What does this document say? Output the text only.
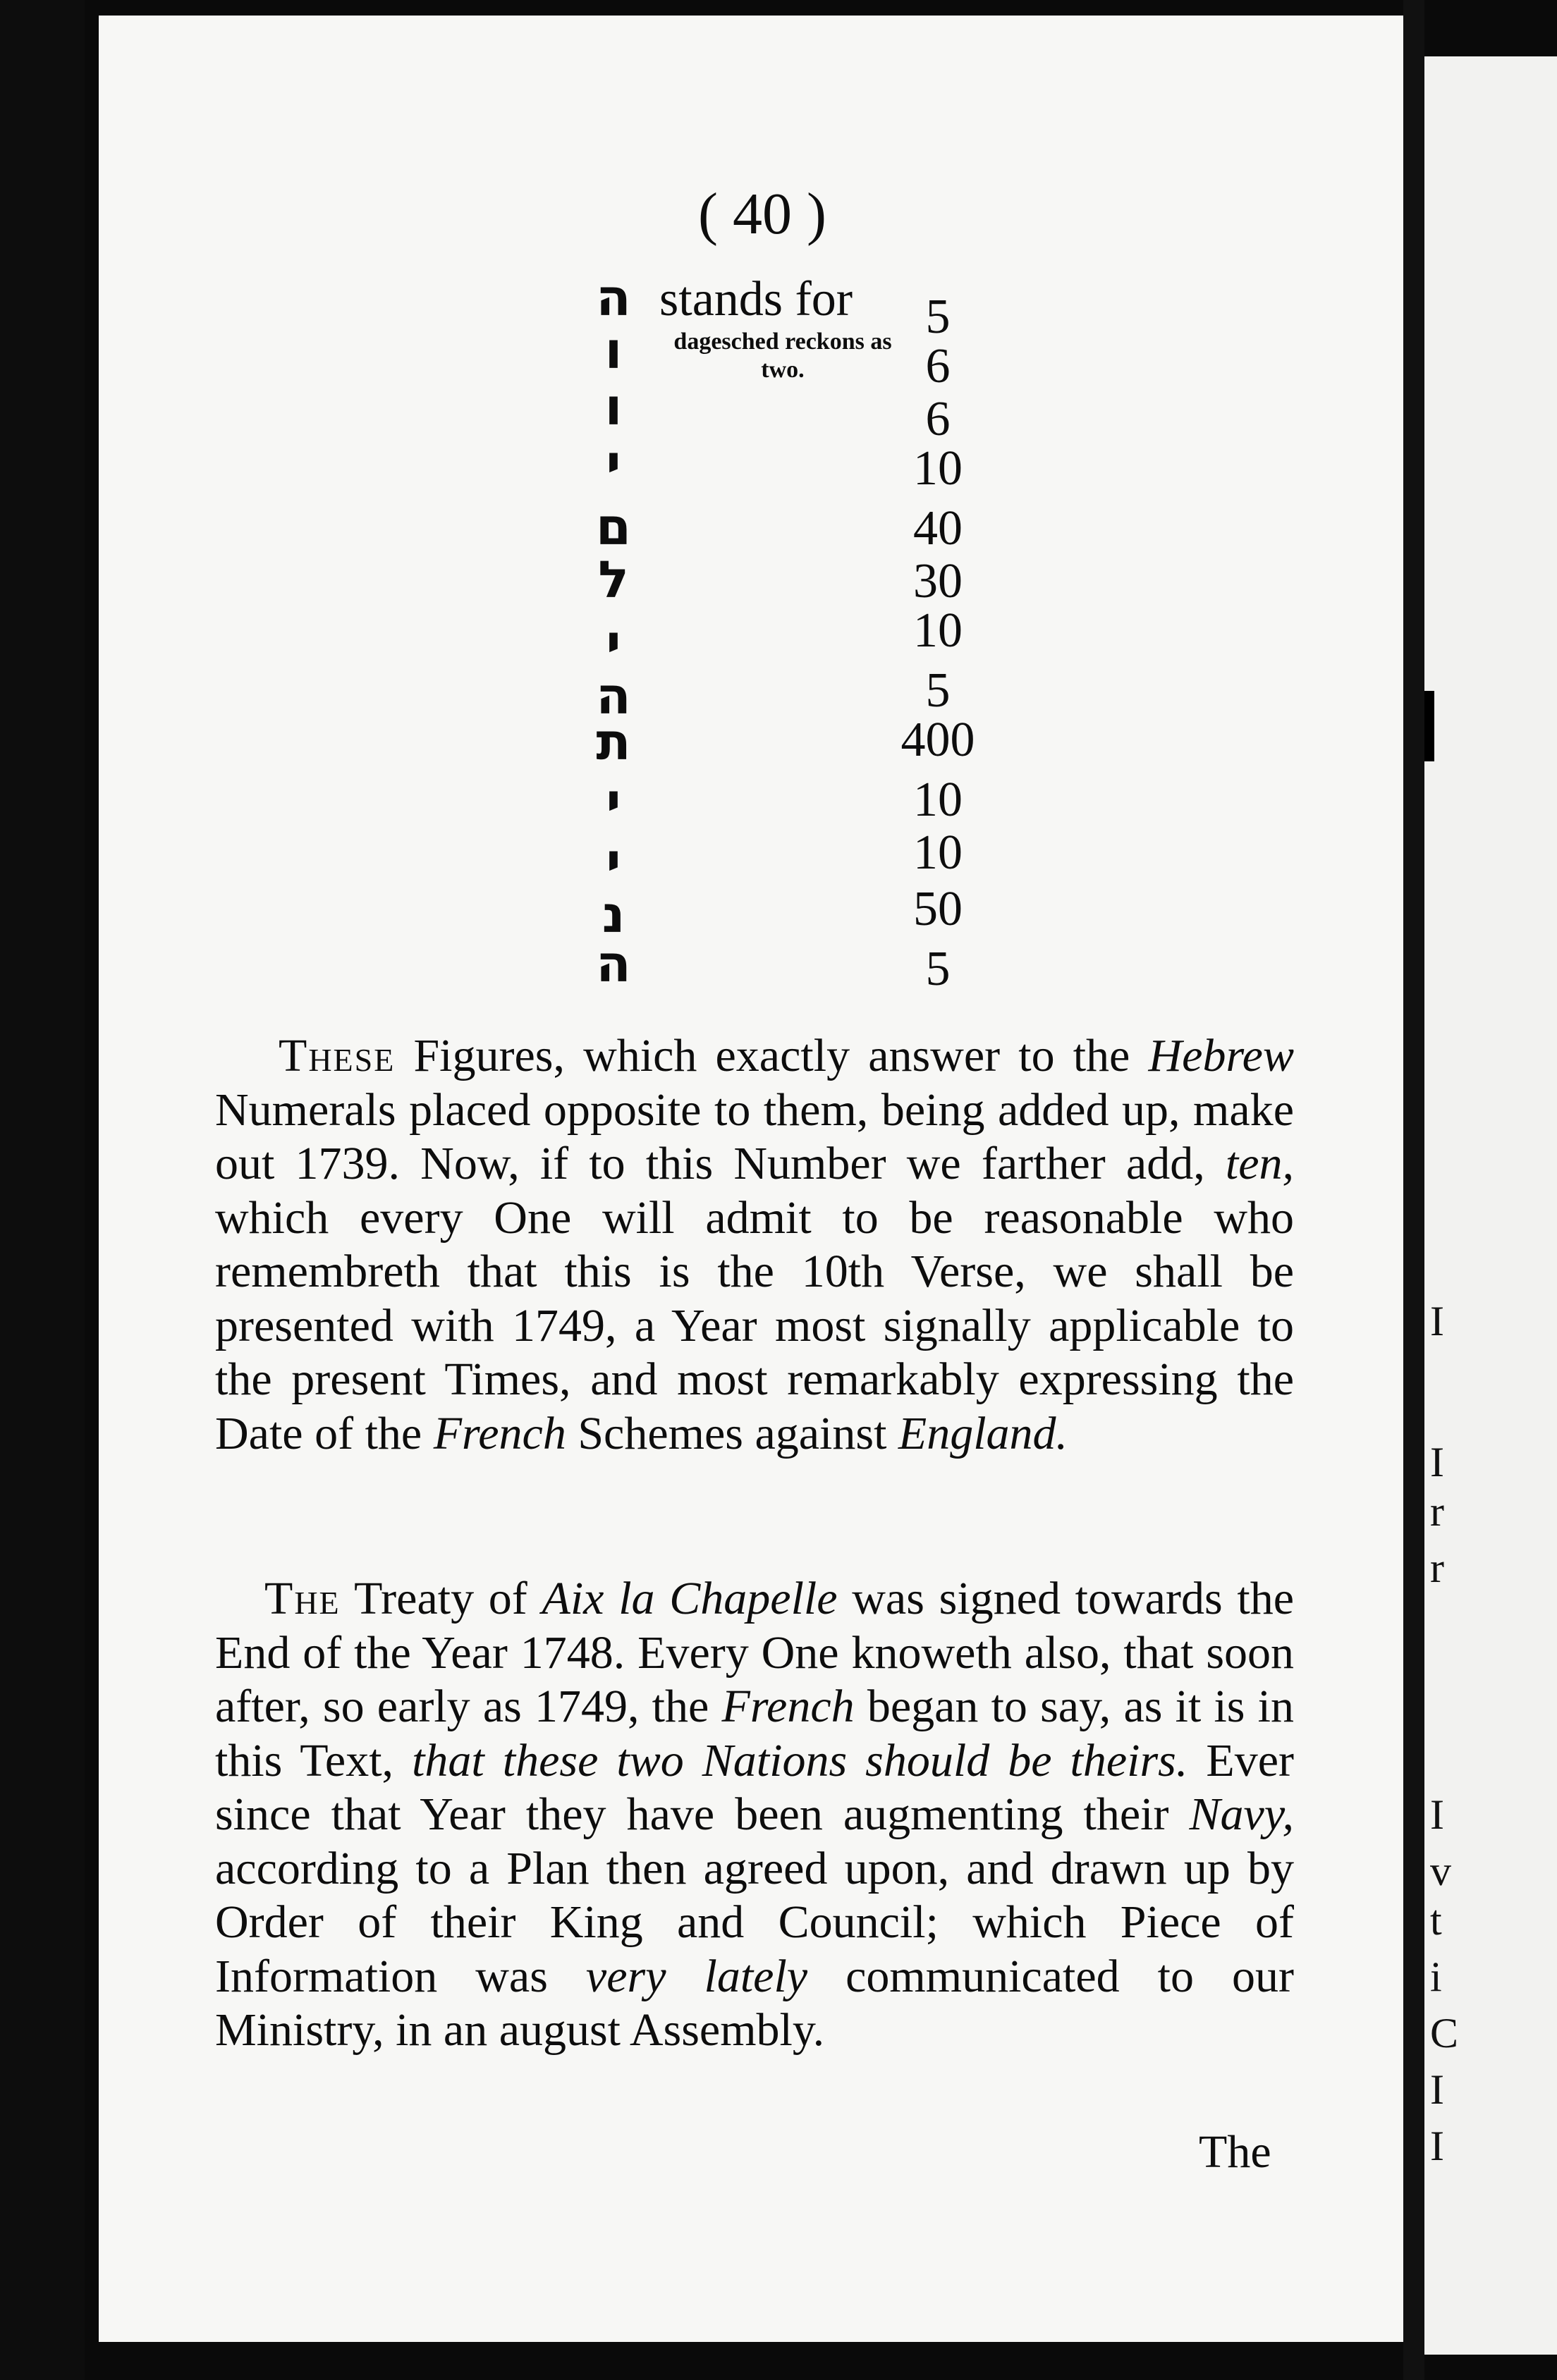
I
I
r
r
I
v
t
i
C
I
I
( 40 )
stands for
dagesched reckons as two.
ה
ו
ו
י
ם
ל
י
ה
ת
י
י
נ
ה
5
6
6
10
40
30
10
5
400
10
10
50
5

These Figures, which exactly answer to the Hebrew Numerals placed opposite to them, being added up, make out 1739. Now, if to this Number we farther add, ten, which every One will admit to be reasonable who remembreth that this is the 10th Verse, we shall be presented with 1749, a Year most signally applicable to the present Times, and most remarkably expressing the Date of the French Schemes against England.

The Treaty of Aix la Chapelle was signed towards the End of the Year 1748. Every One knoweth also, that soon after, so early as 1749, the French began to say, as it is in this Text, that these two Nations should be theirs. Ever since that Year they have been augmenting their Navy, according to a Plan then agreed upon, and drawn up by Order of their King and Council; which Piece of Information was very lately communicated to our Ministry, in an august Assembly.

The
